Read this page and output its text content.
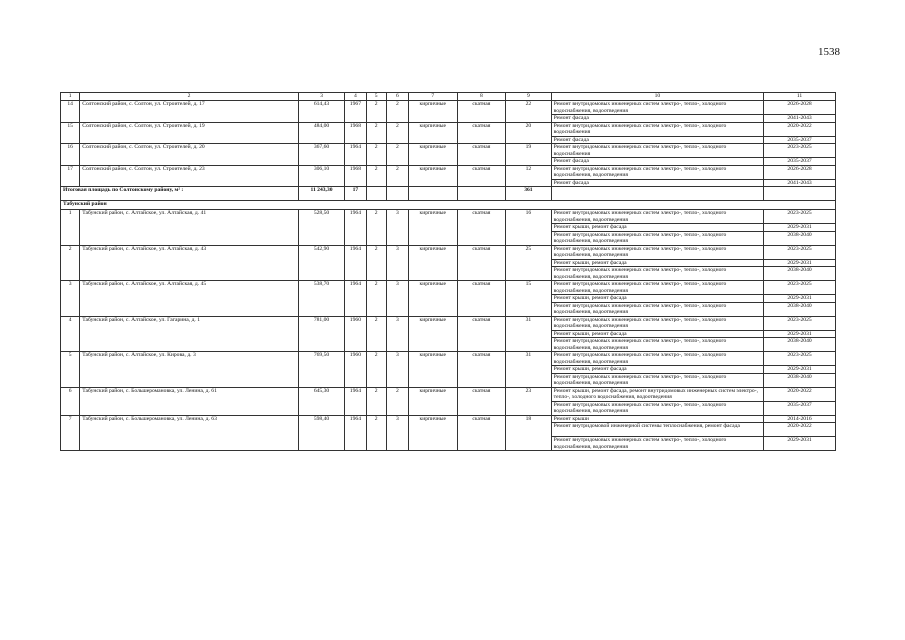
1538
1	2	3	4	5	6	7	8	9	10	11
14	Солтонский район, с. Солтон, ул. Строителей, д. 17	614,43	1967	2	2	кирпичные	скатная	22	Ремонт внутридомовых инженерных систем электро-, тепло-, холодного водоснабжения, водоотведения	2026-2028
									Ремонт фасада	2041-2043
15	Солтонский район, с. Солтон, ул. Строителей, д. 19	484,00	1968	2	2	кирпичные	скатная	20	Ремонт внутридомовых инженерных систем электро-, тепло-, холодного водоснабжения	2020-2022
									Ремонт фасада	2035-2037
16	Солтонский район, с. Солтон, ул. Строителей, д. 20	367,60	1964	2	2	кирпичные	скатная	19	Ремонт внутридомовых инженерных систем электро-, тепло-, холодного водоснабжения	2023-2025
									Ремонт фасада	2035-2037
17	Солтонский район, с. Солтон, ул. Строителей, д. 23	306,10	1968	2	2	кирпичные	скатная	12	Ремонт внутридомовых инженерных систем электро-, тепло-, холодного водоснабжения, водоотведения	2026-2028
									Ремонт фасада	2041-2043
Итоговая площадь по Солтонскому району, м² :		11 243,30	17					361		
Табунский район										
1	Табунский район, с. Алтайское, ул. Алтайская, д. 41	528,50	1964	2	3	кирпичные	скатная	16	Ремонт внутридомовых инженерных систем электро-, тепло-, холодного водоснабжения, водоотведения	2023-2025
									Ремонт крыши, ремонт фасада	2029-2031
									Ремонт внутридомовых инженерных систем электро-, тепло-, холодного водоснабжения, водоотведения	2038-2040
2	Табунский район, с. Алтайское, ул. Алтайская, д. 43	542,90	1964	2	3	кирпичные	скатная	25	Ремонт внутридомовых инженерных систем электро-, тепло-, холодного водоснабжения, водоотведения	2023-2025
									Ремонт крыши, ремонт фасада	2029-2031
									Ремонт внутридомовых инженерных систем электро-, тепло-, холодного водоснабжения, водоотведения	2038-2040
3	Табунский район, с. Алтайское, ул. Алтайская, д. 45	538,70	1964	2	3	кирпичные	скатная	15	Ремонт внутридомовых инженерных систем электро-, тепло-, холодного водоснабжения, водоотведения	2023-2025
									Ремонт крыши, ремонт фасада	2029-2031
									Ремонт внутридомовых инженерных систем электро-, тепло-, холодного водоснабжения, водоотведения	2038-2040
4	Табунский район, с. Алтайское, ул. Гагарина, д. 1	781,00	1960	2	3	кирпичные	скатная	31	Ремонт внутридомовых инженерных систем электро-, тепло-, холодного водоснабжения, водоотведения	2023-2025
									Ремонт крыши, ремонт фасада	2029-2031
									Ремонт внутридомовых инженерных систем электро-, тепло-, холодного водоснабжения, водоотведения	2038-2040
5	Табунский район, с. Алтайское, ул. Кирова, д. 3	769,50	1960	2	3	кирпичные	скатная	31	Ремонт внутридомовых инженерных систем электро-, тепло-, холодного водоснабжения, водоотведения	2023-2025
									Ремонт крыши, ремонт фасада	2029-2031
									Ремонт внутридомовых инженерных систем электро-, тепло-, холодного водоснабжения, водоотведения	2038-2040
6	Табунский район, с. Большеромановка, ул. Ленина, д. 61	645,30	1964	2	2	кирпичные	скатная	23	Ремонт крыши, ремонт фасада, ремонт внутридомовых инженерных систем электро-, тепло-, холодного водоснабжения, водоотведения	2020-2022
									Ремонт внутридомовых инженерных систем электро-, тепло-, холодного водоснабжения, водоотведения	2035-2037
7	Табунский район, с. Большеромановка, ул. Ленина, д. 63	598,40	1964	2	3	кирпичные	скатная	18	Ремонт крыши	2014-2016
									Ремонт внутридомовой инженерной системы теплоснабжения, ремонт фасада	2020-2022
									Ремонт внутридомовых инженерных систем электро-, тепло-, холодного водоснабжения, водоотведения	2029-2031
